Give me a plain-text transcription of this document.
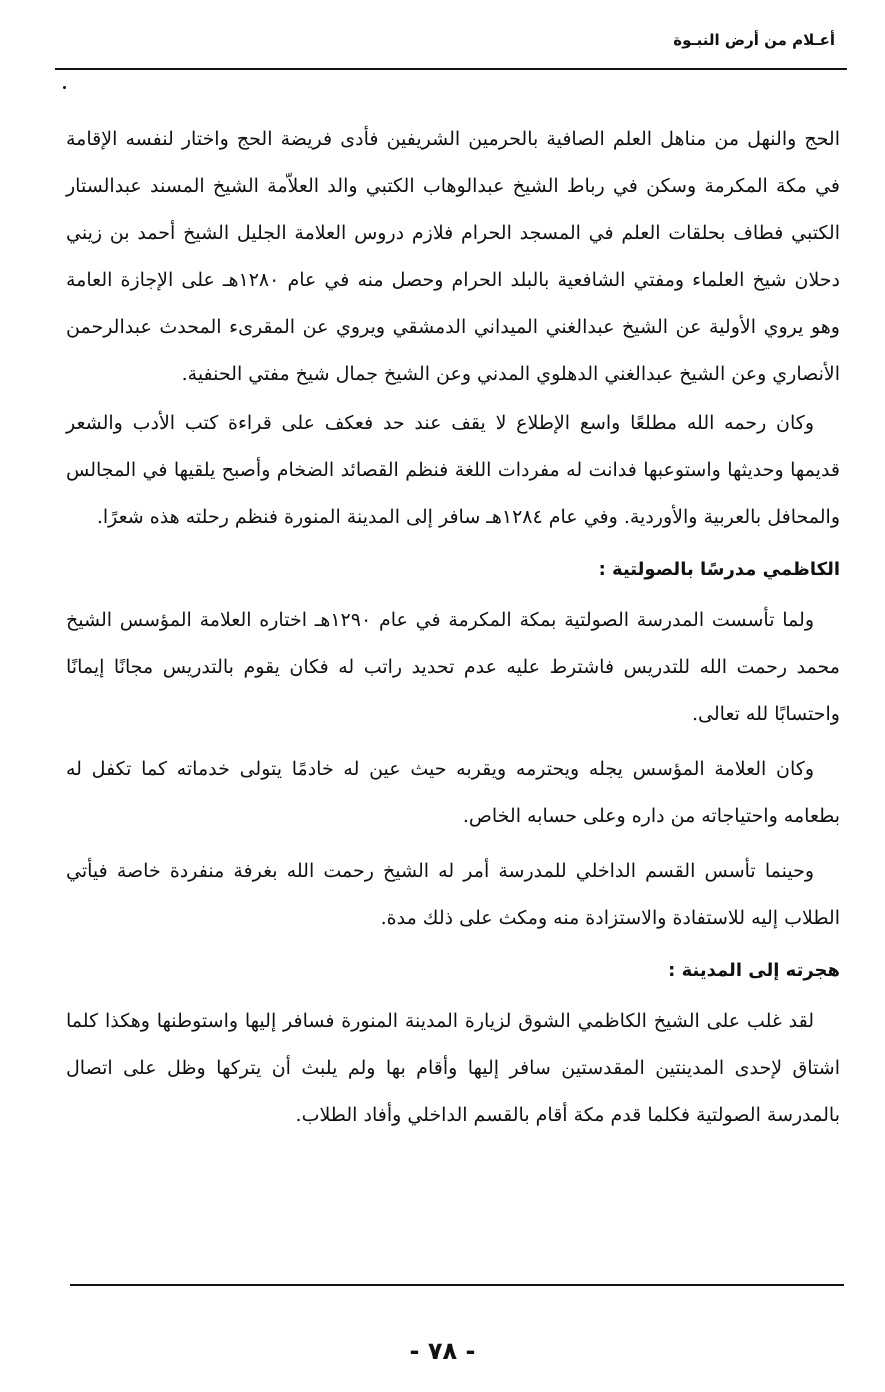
أعـلام من أرض النبـوة

الحج والنهل من مناهل العلم الصافية بالحرمين الشريفين فأدى فريضة الحج واختار لنفسه الإقامة في مكة المكرمة وسكن في رباط الشيخ عبدالوهاب الكتبي والد العلاّمة الشيخ المسند عبدالستار الكتبي فطاف بحلقات العلم في المسجد الحرام فلازم دروس العلامة الجليل الشيخ أحمد بن زيني دحلان شيخ العلماء ومفتي الشافعية بالبلد الحرام وحصل منه في عام ١٢٨٠هـ على الإجازة العامة وهو يروي الأولية عن الشيخ عبدالغني الميداني الدمشقي ويروي عن المقرىء المحدث عبدالرحمن الأنصاري وعن الشيخ عبدالغني الدهلوي المدني وعن الشيخ جمال شيخ مفتي الحنفية.

وكان رحمه الله مطلعًا واسع الإطلاع لا يقف عند حد فعكف على قراءة كتب الأدب والشعر قديمها وحديثها واستوعبها فدانت له مفردات اللغة فنظم القصائد الضخام وأصبح يلقيها في المجالس والمحافل بالعربية والأوردية. وفي عام ١٢٨٤هـ سافر إلى المدينة المنورة فنظم رحلته هذه شعرًا.

الكاظمي مدرسًا بالصولتية :

ولما تأسست المدرسة الصولتية بمكة المكرمة في عام ١٢٩٠هـ اختاره العلامة المؤسس الشيخ محمد رحمت الله للتدريس فاشترط عليه عدم تحديد راتب له فكان يقوم بالتدريس مجانًا إيمانًا واحتسابًا لله تعالى.

وكان العلامة المؤسس يجله ويحترمه ويقربه حيث عين له خادمًا يتولى خدماته كما تكفل له بطعامه واحتياجاته من داره وعلى حسابه الخاص.

وحينما تأسس القسم الداخلي للمدرسة أمر له الشيخ رحمت الله بغرفة منفردة خاصة فيأتي الطلاب إليه للاستفادة والاستزادة منه ومكث على ذلك مدة.

هجرته إلى المدينة :

لقد غلب على الشيخ الكاظمي الشوق لزيارة المدينة المنورة فسافر إليها واستوطنها وهكذا كلما اشتاق لإحدى المدينتين المقدستين سافر إليها وأقام بها ولم يلبث أن يتركها وظل على اتصال بالمدرسة الصولتية فكلما قدم مكة أقام بالقسم الداخلي وأفاد الطلاب.

- ٧٨ -
